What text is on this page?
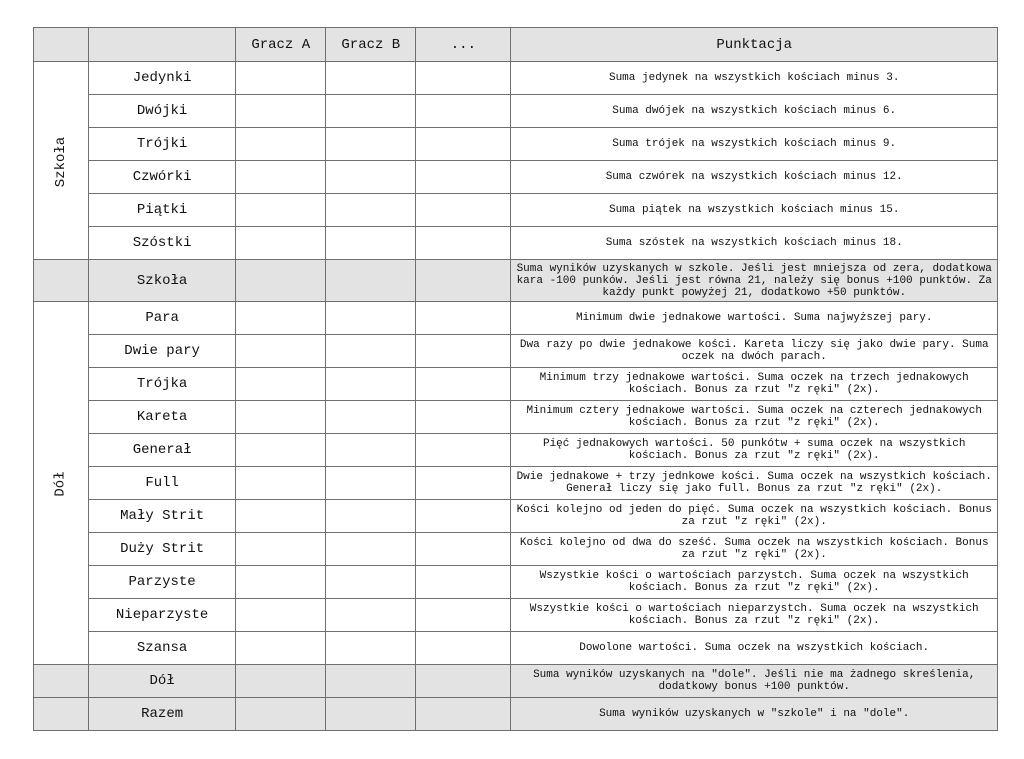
		Gracz A	Gracz B	...	Punktacja
Szkoła	Jedynki				Suma jedynek na wszystkich kościach minus 3.
	Dwójki				Suma dwójek na wszystkich kościach minus 6.
	Trójki				Suma trójek na wszystkich kościach minus 9.
	Czwórki				Suma czwórek na wszystkich kościach minus 12.
	Piątki				Suma piątek na wszystkich kościach minus 15.
	Szóstki				Suma szóstek na wszystkich kościach minus 18.
	Szkoła				Suma wyników uzyskanych w szkole. Jeśli jest mniejsza od zera, dodatkowa kara -100 punków. Jeśli jest równa 21, należy się bonus +100 punktów. Za każdy punkt powyżej 21, dodatkowo +50 punktów.
Dół	Para				Minimum dwie jednakowe wartości. Suma najwyższej pary.
	Dwie pary				Dwa razy po dwie jednakowe kości. Kareta liczy się jako dwie pary. Suma oczek na dwóch parach.
	Trójka				Minimum trzy jednakowe wartości. Suma oczek na trzech jednakowych kościach. Bonus za rzut "z ręki" (2x).
	Kareta				Minimum cztery jednakowe wartości. Suma oczek na czterech jednakowych kościach. Bonus za rzut "z ręki" (2x).
	Generał				Pięć jednakowych wartości. 50 punkótw + suma oczek na wszystkich kościach. Bonus za rzut "z ręki" (2x).
	Full				Dwie jednakowe + trzy jednkowe kości. Suma oczek na wszystkich kościach. Generał liczy się jako full. Bonus za rzut "z ręki" (2x).
	Mały Strit				Kości kolejno od jeden do pięć. Suma oczek na wszystkich kościach. Bonus za rzut "z ręki" (2x).
	Duży Strit				Kości kolejno od dwa do sześć. Suma oczek na wszystkich kościach. Bonus za rzut "z ręki" (2x).
	Parzyste				Wszystkie kości o wartościach parzystch. Suma oczek na wszystkich kościach. Bonus za rzut "z ręki" (2x).
	Nieparzyste				Wszystkie kości o wartościach nieparzystch. Suma oczek na wszystkich kościach. Bonus za rzut "z ręki" (2x).
	Szansa				Dowolone wartości. Suma oczek na wszystkich kościach.
	Dół				Suma wyników uzyskanych na "dole". Jeśli nie ma żadnego skreślenia, dodatkowy bonus +100 punktów.
	Razem				Suma wyników uzyskanych w "szkole" i na "dole".
